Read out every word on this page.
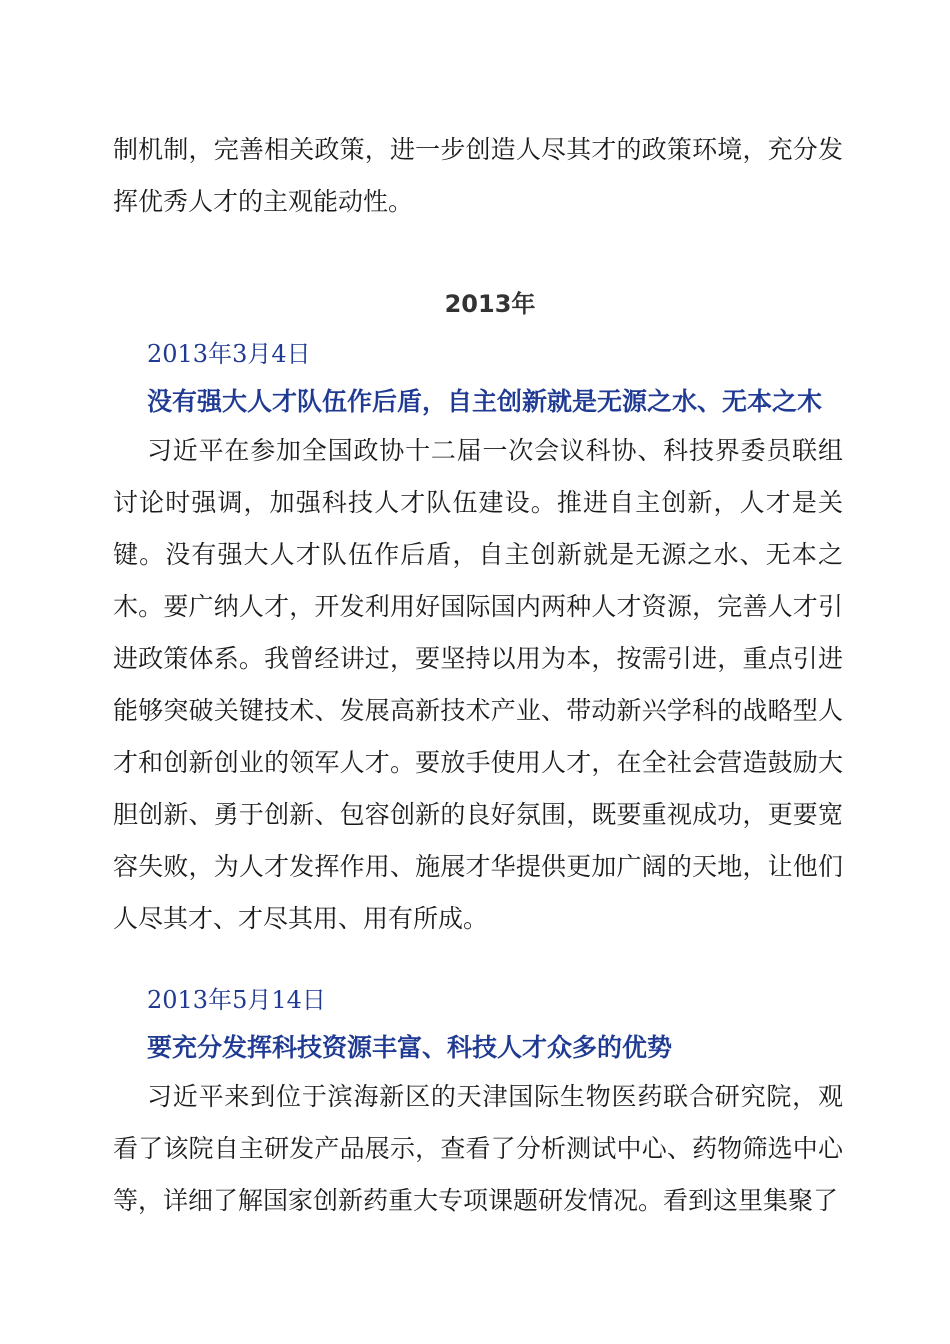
制机制，完善相关政策，进一步创造人尽其才的政策环境，充分发挥优秀人才的主观能动性。

2013年

2013年3月4日

没有强大人才队伍作后盾，自主创新就是无源之水、无本之木

习近平在参加全国政协十二届一次会议科协、科技界委员联组讨论时强调，加强科技人才队伍建设。推进自主创新，人才是关键。没有强大人才队伍作后盾，自主创新就是无源之水、无本之木。要广纳人才，开发利用好国际国内两种人才资源，完善人才引进政策体系。我曾经讲过，要坚持以用为本，按需引进，重点引进能够突破关键技术、发展高新技术产业、带动新兴学科的战略型人才和创新创业的领军人才。要放手使用人才，在全社会营造鼓励大胆创新、勇于创新、包容创新的良好氛围，既要重视成功，更要宽容失败，为人才发挥作用、施展才华提供更加广阔的天地，让他们人尽其才、才尽其用、用有所成。

2013年5月14日

要充分发挥科技资源丰富、科技人才众多的优势

习近平来到位于滨海新区的天津国际生物医药联合研究院，观看了该院自主研发产品展示，查看了分析测试中心、药物筛选中心等，详细了解国家创新药重大专项课题研发情况。看到这里集聚了
